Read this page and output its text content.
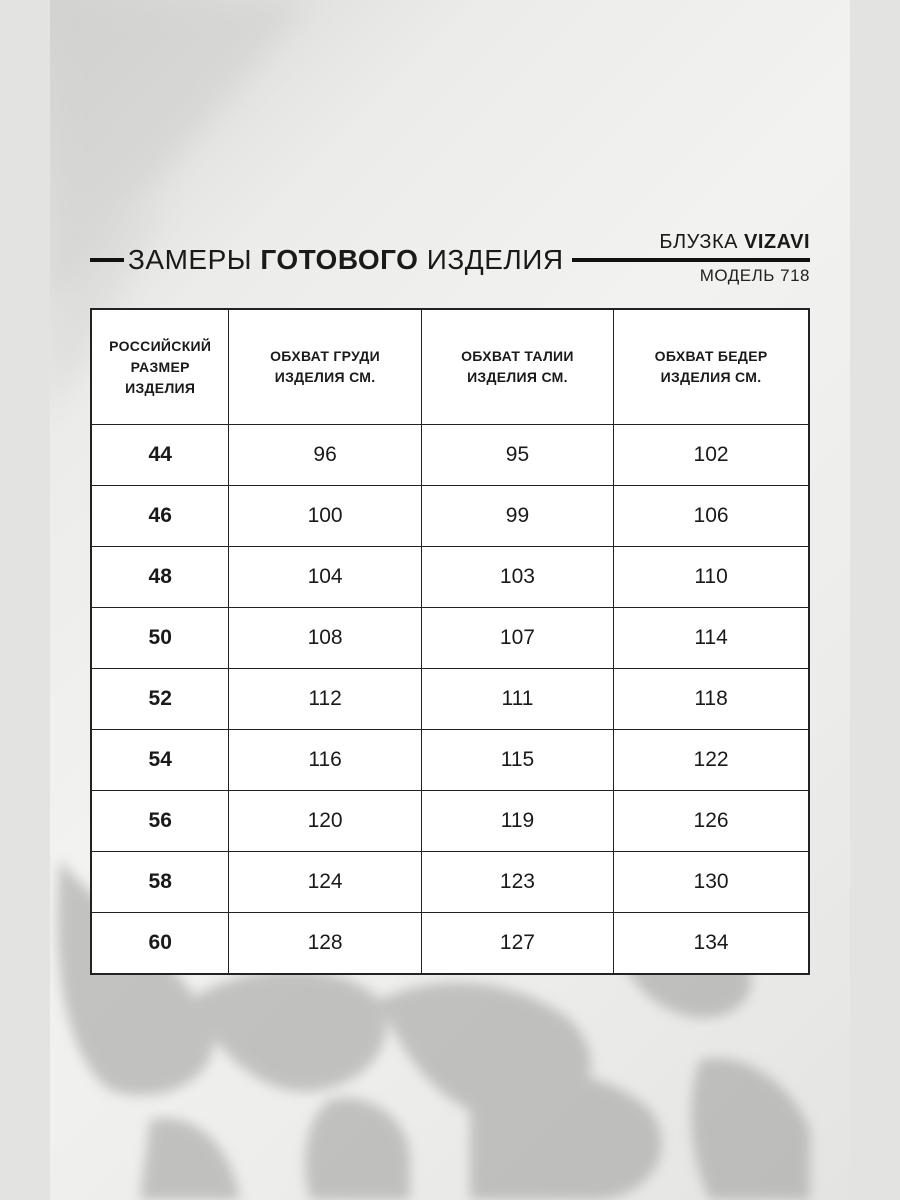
ЗАМЕРЫ ГОТОВОГО ИЗДЕЛИЯ
БЛУЗКА VIZAVI
МОДЕЛЬ 718
РОССИЙСКИЙ РАЗМЕР ИЗДЕЛИЯ	ОБХВАТ ГРУДИ ИЗДЕЛИЯ СМ.	ОБХВАТ ТАЛИИ ИЗДЕЛИЯ СМ.	ОБХВАТ БЕДЕР ИЗДЕЛИЯ СМ.
44	96	95	102
46	100	99	106
48	104	103	110
50	108	107	114
52	112	111	118
54	116	115	122
56	120	119	126
58	124	123	130
60	128	127	134
